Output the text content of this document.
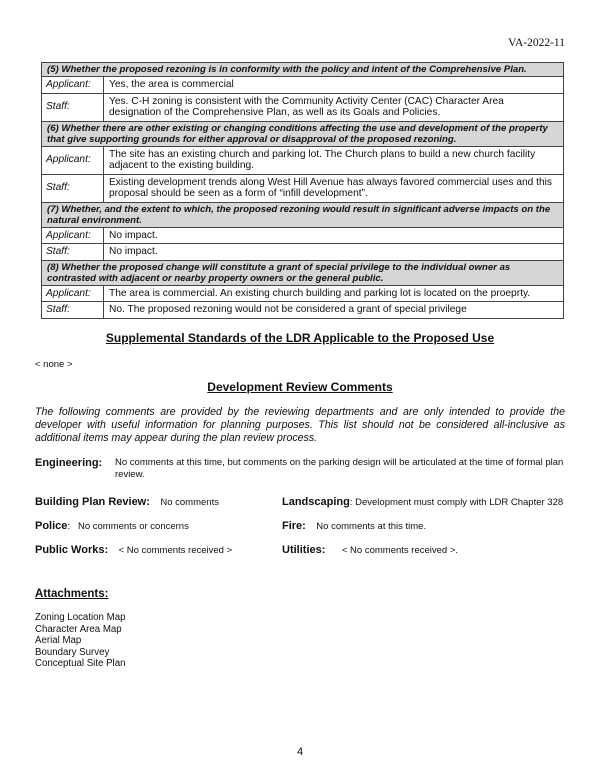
VA-2022-11
(5) Whether the proposed rezoning is in conformity with the policy and intent of the Comprehensive Plan.	
Applicant:	Yes, the area is commercial
Staff:	Yes. C-H zoning is consistent with the Community Activity Center (CAC) Character Area designation of the Comprehensive Plan, as well as its Goals and Policies.
(6) Whether there are other existing or changing conditions affecting the use and development of the property that give supporting grounds for either approval or disapproval of the proposed rezoning.	
Applicant:	The site has an existing church and parking lot. The Church plans to build a new church facility adjacent to the existing building.
Staff:	Existing development trends along West Hill Avenue has always favored commercial uses and this proposal should be seen as a form of “infill development”.
(7) Whether, and the extent to which, the proposed rezoning would result in significant adverse impacts on the natural environment.	
Applicant:	No impact.
Staff:	No impact.
(8) Whether the proposed change will constitute a grant of special privilege to the individual owner as contrasted with adjacent or nearby property owners or the general public.	
Applicant:	The area is commercial. An existing church building and parking lot is located on the proeprty.
Staff:	No. The proposed rezoning would not be considered a grant of special privilege
Supplemental Standards of the LDR Applicable to the Proposed Use
< none >
Development Review Comments
The following comments are provided by the reviewing departments and are only intended to provide the developer with useful information for planning purposes. This list should not be considered all-inclusive as additional items may appear during the plan review process.
Engineering:	No comments at this time, but comments on the parking design will be articulated at the time of formal plan review.
Building Plan Review: No comments	Landscaping: Development must comply with LDR Chapter 328
Police:   No comments or concerns	Fire: No comments at this time.
Public Works: < No comments received >	Utilities: < No comments received >.
Attachments:
Zoning Location Map
Character Area Map
Aerial Map
Boundary Survey
Conceptual Site Plan
4
